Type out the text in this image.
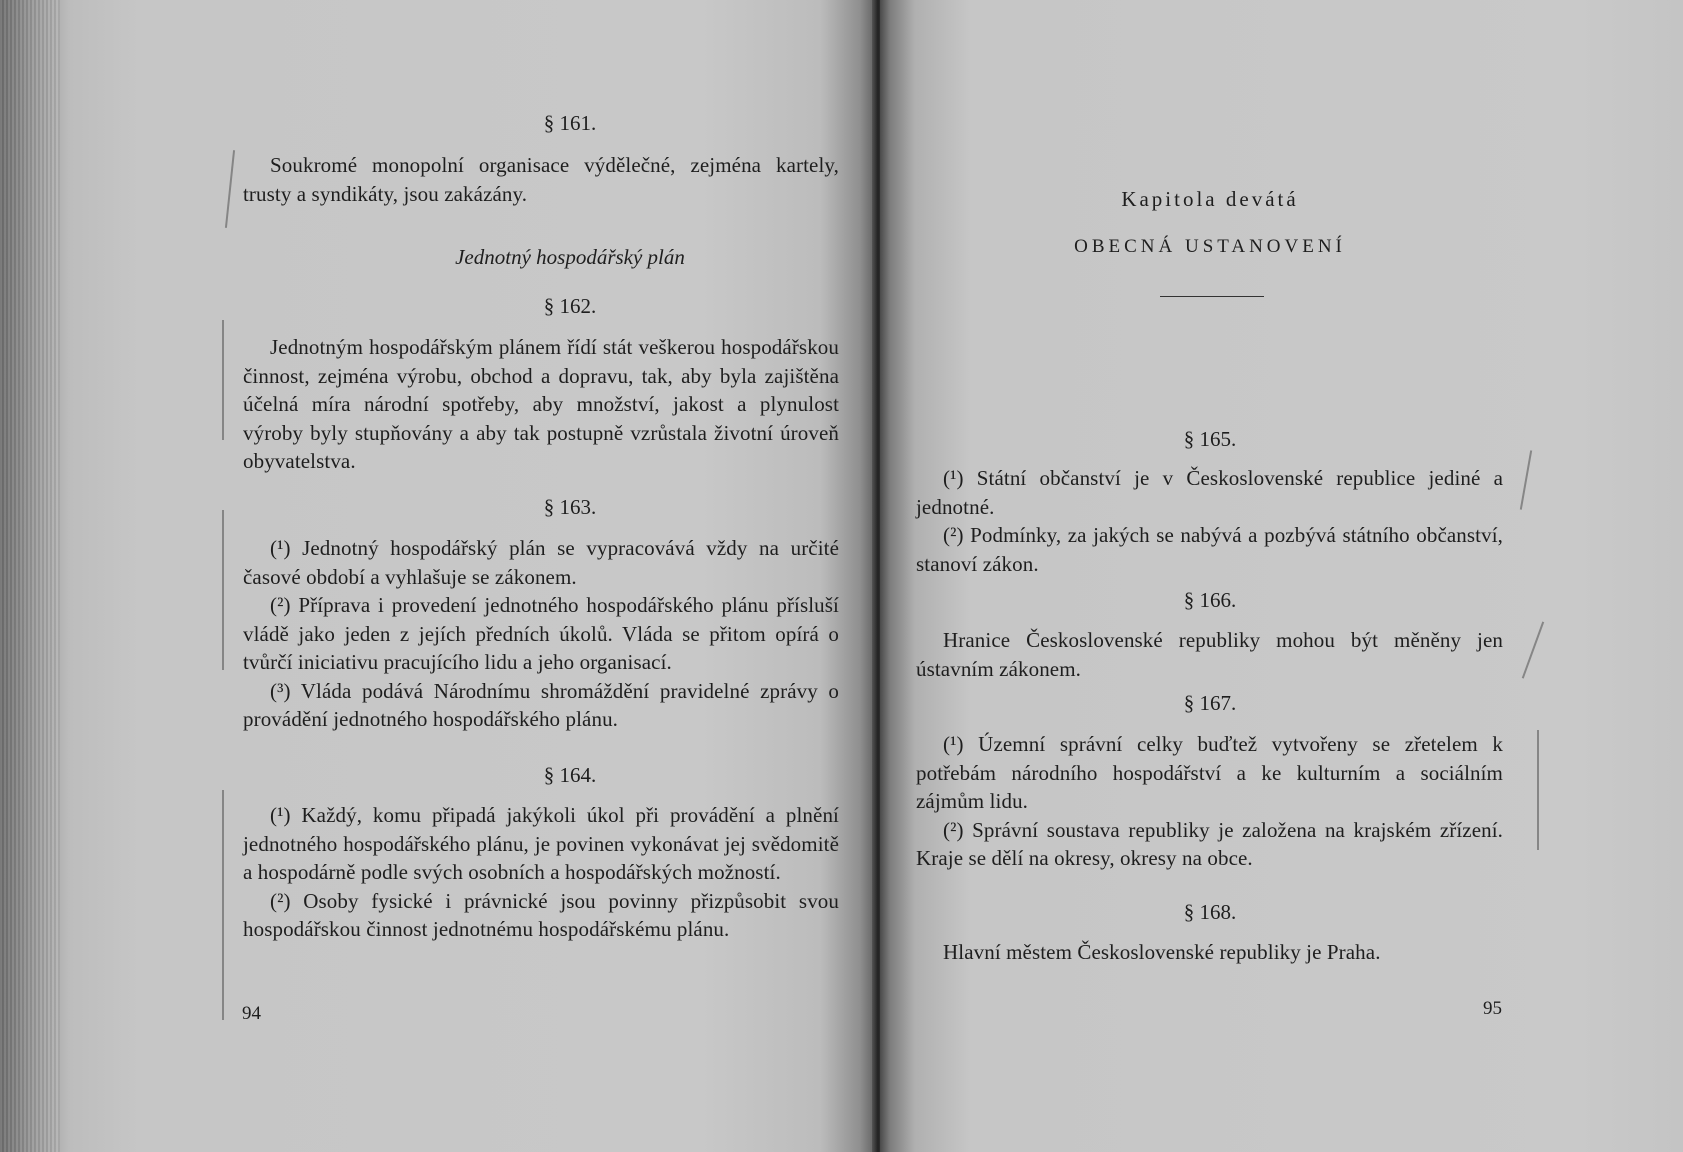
§ 161.

Soukromé monopolní organisace výdělečné, zejména kartely, trusty a syndikáty, jsou zakázány.

Jednotný hospodářský plán
§ 162.

Jednotným hospodářským plánem řídí stát veškerou hospodářskou činnost, zejména výrobu, obchod a dopravu, tak, aby byla zajištěna účelná míra národní spotřeby, aby množství, jakost a plynulost výroby byly stupňovány a aby tak postupně vzrůstala životní úroveň obyvatelstva.

§ 163.

(¹) Jednotný hospodářský plán se vypracovává vždy na určité časové období a vyhlašuje se zákonem.

(²) Příprava i provedení jednotného hospodářského plánu přísluší vládě jako jeden z jejích předních úkolů. Vláda se přitom opírá o tvůrčí iniciativu pracujícího lidu a jeho organisací.

(³) Vláda podává Národnímu shromáždění pravidelné zprávy o provádění jednotného hospodářského plánu.

§ 164.

(¹) Každý, komu připadá jakýkoli úkol při provádění a plnění jednotného hospodářského plánu, je povinen vykonávat jej svědomitě a hospodárně podle svých osobních a hospodářských možností.

(²) Osoby fysické i právnické jsou povinny přizpůsobit svou hospodářskou činnost jednotnému hospodářskému plánu.

94
Kapitola devátá
OBECNÁ USTANOVENÍ
§ 165.

(¹) Státní občanství je v Československé republice jediné a jednotné.

(²) Podmínky, za jakých se nabývá a pozbývá státního občanství, stanoví zákon.

§ 166.

Hranice Československé republiky mohou být měněny jen ústavním zákonem.

§ 167.

(¹) Územní správní celky buďtež vytvořeny se zřetelem k potřebám národního hospodářství a ke kulturním a sociálním zájmům lidu.

(²) Správní soustava republiky je založena na krajském zřízení. Kraje se dělí na okresy, okresy na obce.

§ 168.

Hlavní městem Československé republiky je Praha.

95
